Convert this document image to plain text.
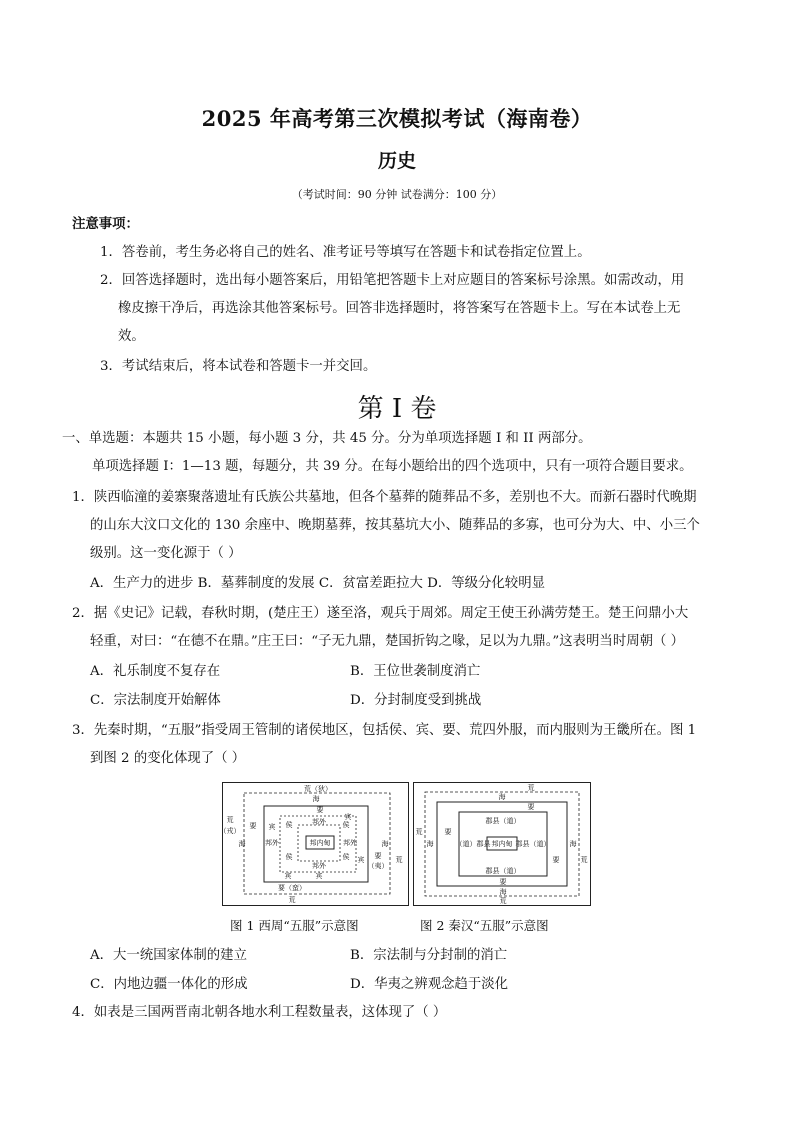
2025 年高考第三次模拟考试（海南卷）
历史
（考试时间：90 分钟 试卷满分：100 分）
注意事项：
1．答卷前，考生务必将自己的姓名、准考证号等填写在答题卡和试卷指定位置上。
2．回答选择题时，选出每小题答案后，用铅笔把答题卡上对应题目的答案标号涂黑。如需改动，用
橡皮擦干净后，再选涂其他答案标号。回答非选择题时，将答案写在答题卡上。写在本试卷上无
效。
3．考试结束后，将本试卷和答题卡一并交回。
第 I 卷
一、单选题：本题共 15 小题，每小题 3 分，共 45 分。分为单项选择题 I 和 II 两部分。
单项选择题 I：1—13 题，每题分，共 39 分。在每小题给出的四个选项中，只有一项符合题目要求。
1．陕西临潼的姜寨聚落遗址有氏族公共墓地，但各个墓葬的随葬品不多，差别也不大。而新石器时代晚期
的山东大汶口文化的 130 余座中、晚期墓葬，按其墓坑大小、随葬品的多寡，也可分为大、中、小三个
级别。这一变化源于（ ）
A．生产力的进步 B．墓葬制度的发展 C．贫富差距拉大 D．等级分化较明显
2．据《史记》记载，春秋时期，(楚庄王）遂至洛，观兵于周郊。周定王使王孙满劳楚王。楚王问鼎小大
轻重，对曰：“在德不在鼎。”庄王曰：“子无九鼎，楚国折钩之喙，足以为九鼎。”这表明当时周朝（ ）
A．礼乐制度不复存在	B．王位世袭制度消亡
C．宗法制度开始解体	D．分封制度受到挑战
3．先秦时期，“五服”指受周王管制的诸侯地区，包括侯、宾、要、荒四外服，而内服则为王畿所在。图 1
到图 2 的变化体现了（ ）
荒（狄）
海
要
荒
（戎）
要
海
宾
宾
侯	侯
邦外
邦外	邦外
邦内甸
侯	侯
邦外
宾	宾
宾 要
（夷）
海
荒
要（蛮）
荒
荒
海
要
郡县（道）
荒
海
要
（道）郡县 邦内甸 郡县（道）
要
海
荒
郡县（道）
要
海
荒
图 1 西周“五服”示意图	图 2 秦汉“五服”示意图
A．大一统国家体制的建立	B．宗法制与分封制的消亡
C．内地边疆一体化的形成	D．华夷之辨观念趋于淡化
4．如表是三国两晋南北朝各地水利工程数量表，这体现了（ ）
